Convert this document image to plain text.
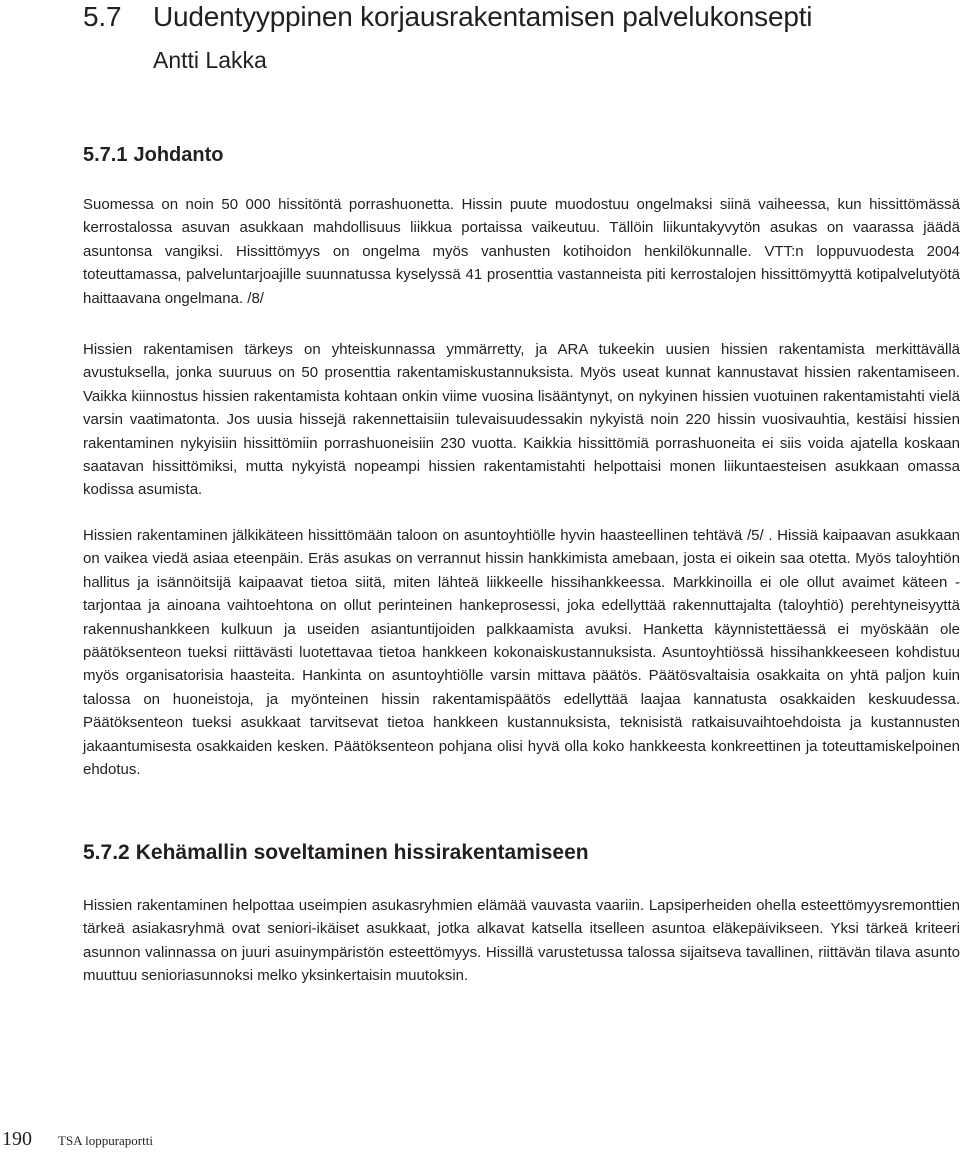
5.7 Uudentyyppinen korjausrakentamisen palvelukonsepti
Antti Lakka
5.7.1 Johdanto

Suomessa on noin 50 000 hissitöntä porrashuonetta. Hissin puute muodostuu ongelmaksi siinä vaiheessa, kun hissittömässä kerrostalossa asuvan asukkaan mahdollisuus liikkua portaissa vaikeutuu. Tällöin liikuntakyvytön asukas on vaarassa jäädä asuntonsa vangiksi. Hissittömyys on ongelma myös vanhusten kotihoidon henkilökunnalle. VTT:n loppuvuodesta 2004 toteuttamassa, palveluntarjoajille suunnatussa kyselyssä 41 prosenttia vastanneista piti kerrostalojen hissittömyyttä kotipalvelutyötä haittaavana ongelmana. /8/

Hissien rakentamisen tärkeys on yhteiskunnassa ymmärretty, ja ARA tukeekin uusien hissien rakentamista merkittävällä avustuksella, jonka suuruus on 50 prosenttia rakentamiskustannuksista. Myös useat kunnat kannustavat hissien rakentamiseen. Vaikka kiinnostus hissien rakentamista kohtaan onkin viime vuosina lisääntynyt, on nykyinen hissien vuotuinen rakentamistahti vielä varsin vaatimatonta. Jos uusia hissejä rakennettaisiin tulevaisuudessakin nykyistä noin 220 hissin vuosivauhtia, kestäisi hissien rakentaminen nykyisiin hissittömiin porrashuoneisiin 230 vuotta. Kaikkia hissittömiä porrashuoneita ei siis voida ajatella koskaan saatavan hissittömiksi, mutta nykyistä nopeampi hissien rakentamistahti helpottaisi monen liikuntaesteisen asukkaan omassa kodissa asumista.

Hissien rakentaminen jälkikäteen hissittömään taloon on asuntoyhtiölle hyvin haasteellinen tehtävä /5/ . Hissiä kaipaavan asukkaan on vaikea viedä asiaa eteenpäin. Eräs asukas on verrannut hissin hankkimista amebaan, josta ei oikein saa otetta. Myös taloyhtiön hallitus ja isännöitsijä kaipaavat tietoa siitä, miten lähteä liikkeelle hissihankkeessa. Markkinoilla ei ole ollut avaimet käteen -tarjontaa ja ainoana vaihtoehtona on ollut perinteinen hankeprosessi, joka edellyttää rakennuttajalta (taloyhtiö) perehtyneisyyttä rakennushankkeen kulkuun ja useiden asiantuntijoiden palkkaamista avuksi. Hanketta käynnistettäessä ei myöskään ole päätöksenteon tueksi riittävästi luotettavaa tietoa hankkeen kokonaiskustannuksista. Asuntoyhtiössä hissihankkeeseen kohdistuu myös organisatorisia haasteita. Hankinta on asuntoyhtiölle varsin mittava päätös. Päätösvaltaisia osakkaita on yhtä paljon kuin talossa on huoneistoja, ja myönteinen hissin rakentamispäätös edellyttää laajaa kannatusta osakkaiden keskuudessa. Päätöksenteon tueksi asukkaat tarvitsevat tietoa hankkeen kustannuksista, teknisistä ratkaisuvaihtoehdoista ja kustannusten jakaantumisesta osakkaiden kesken. Päätöksenteon pohjana olisi hyvä olla koko hankkeesta konkreettinen ja toteuttamiskelpoinen ehdotus.

5.7.2 Kehämallin soveltaminen hissirakentamiseen

Hissien rakentaminen helpottaa useimpien asukasryhmien elämää vauvasta vaariin. Lapsiperheiden ohella esteettömyysremonttien tärkeä asiakasryhmä ovat seniori-ikäiset asukkaat, jotka alkavat katsella itselleen asuntoa eläkepäivikseen. Yksi tärkeä kriteeri asunnon valinnassa on juuri asuinympäristön esteettömyys. Hissillä varustetussa talossa sijaitseva tavallinen, riittävän tilava asunto muuttuu senioriasunnoksi melko yksinkertaisin muutoksin.

190 TSA loppuraportti
